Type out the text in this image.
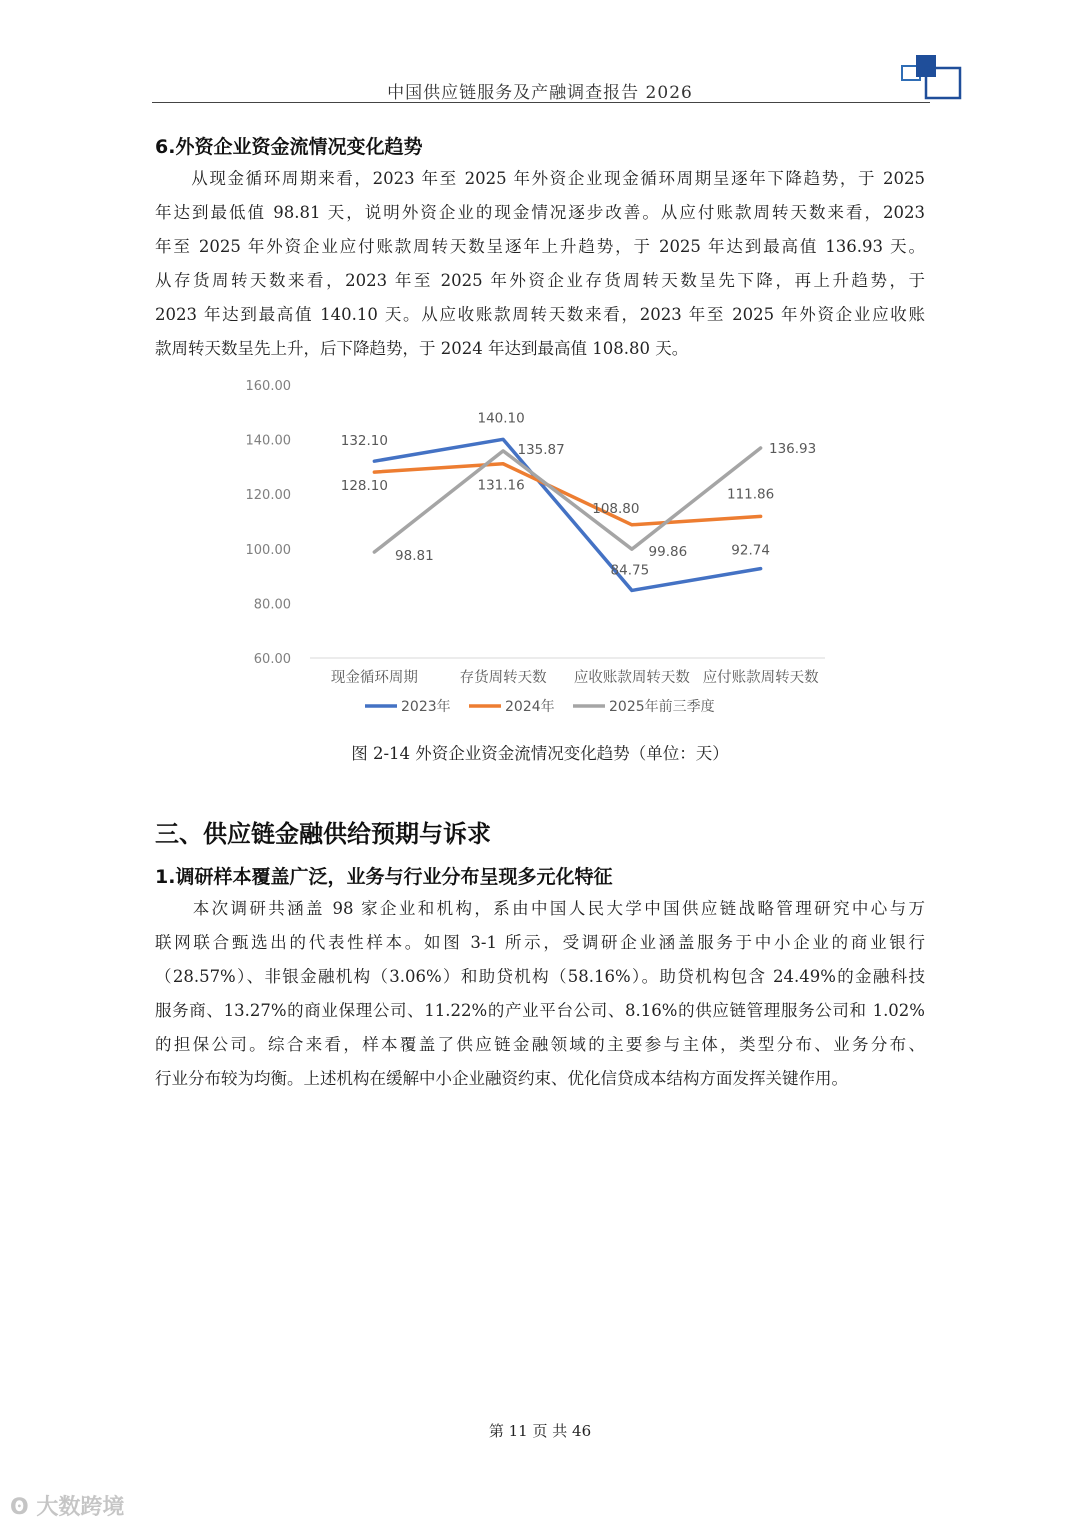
中国供应链服务及产融调查报告 2026
6.外资企业资金流情况变化趋势
　　从现金循环周期来看，2023 年至 2025 年外资企业现金循环周期呈逐年下降趋势，于 2025
年达到最低值 98.81 天，说明外资企业的现金情况逐步改善。从应付账款周转天数来看，2023
年至 2025 年外资企业应付账款周转天数呈逐年上升趋势，于 2025 年达到最高值 136.93 天。
从存货周转天数来看，2023 年至 2025 年外资企业存货周转天数呈先下降，再上升趋势，于
2023 年达到最高值 140.10 天。从应收账款周转天数来看，2023 年至 2025 年外资企业应收账
款周转天数呈先上升，后下降趋势，于 2024 年达到最高值 108.80 天。
160.00
140.00
120.00
100.00
80.00
60.00
现金循环周期	存货周转天数 应收账款周转天数 应付账款周转天数
132.10
140.10
84.75
92.74
128.10	131.16
108.80
111.86
98.81
135.87
99.86
136.93
2023年	2024年	2025年前三季度
图 2-14 外资企业资金流情况变化趋势（单位：天）
三、供应链金融供给预期与诉求
1.调研样本覆盖广泛，业务与行业分布呈现多元化特征
　　本次调研共涵盖 98 家企业和机构，系由中国人民大学中国供应链战略管理研究中心与万
联网联合甄选出的代表性样本。如图 3-1 所示，受调研企业涵盖服务于中小企业的商业银行
（28.57%）、非银金融机构（3.06%）和助贷机构（58.16%）。助贷机构包含 24.49%的金融科技
服务商、13.27%的商业保理公司、11.22%的产业平台公司、8.16%的供应链管理服务公司和 1.02%
的担保公司。综合来看，样本覆盖了供应链金融领域的主要参与主体，类型分布、业务分布、
行业分布较为均衡。上述机构在缓解中小企业融资约束、优化信贷成本结构方面发挥关键作用。
第 11 页 共 46
ʘ 大数跨境
